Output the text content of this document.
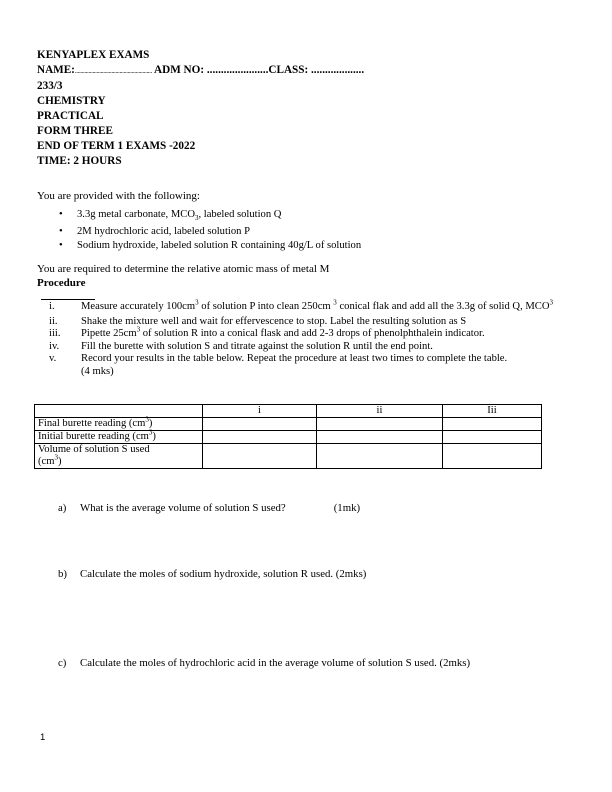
KENYAPLEX EXAMS
NAME:......................................................... ADM NO: ......................CLASS: ...................
233/3
CHEMISTRY
PRACTICAL
FORM THREE
END OF TERM 1 EXAMS -2022
TIME: 2 HOURS
You are provided with the following:
• 3.3g metal carbonate, $MCO_3$, labeled solution Q
• 2M hydrochloric acid, labeled solution P
• Sodium hydroxide, labeled solution R containing 40g/L of solution
You are required to determine the relative atomic mass of metal M
Procedure
i.	Measure accurately $100cm^3$ of solution P into clean 250cm $^3$ conical flak and add all the 3.3g of solid Q, MCO$^3$
ii.	Shake the mixture well and wait for effervescence to stop. Label the resulting solution as S
iii.	Pipette $25cm^3$ of solution R into a conical flask and add 2-3 drops of phenolphthalein indicator.
iv.	Fill the burette with solution S and titrate against the solution R until the end point.
v.	Record your results in the table below. Repeat the procedure at least two times to complete the table.
(4 mks)
	i	ii	Iii
Final burette reading $(cm^3)$			
Initial burette reading $(cm^3)$			
Volume of solution S used
$(cm^3)$			
a) What is the average volume of solution S used?	(1mk)
b) Calculate the moles of sodium hydroxide, solution R used. (2mks)
c) Calculate the moles of hydrochloric acid in the average volume of solution S used. (2mks)
1
